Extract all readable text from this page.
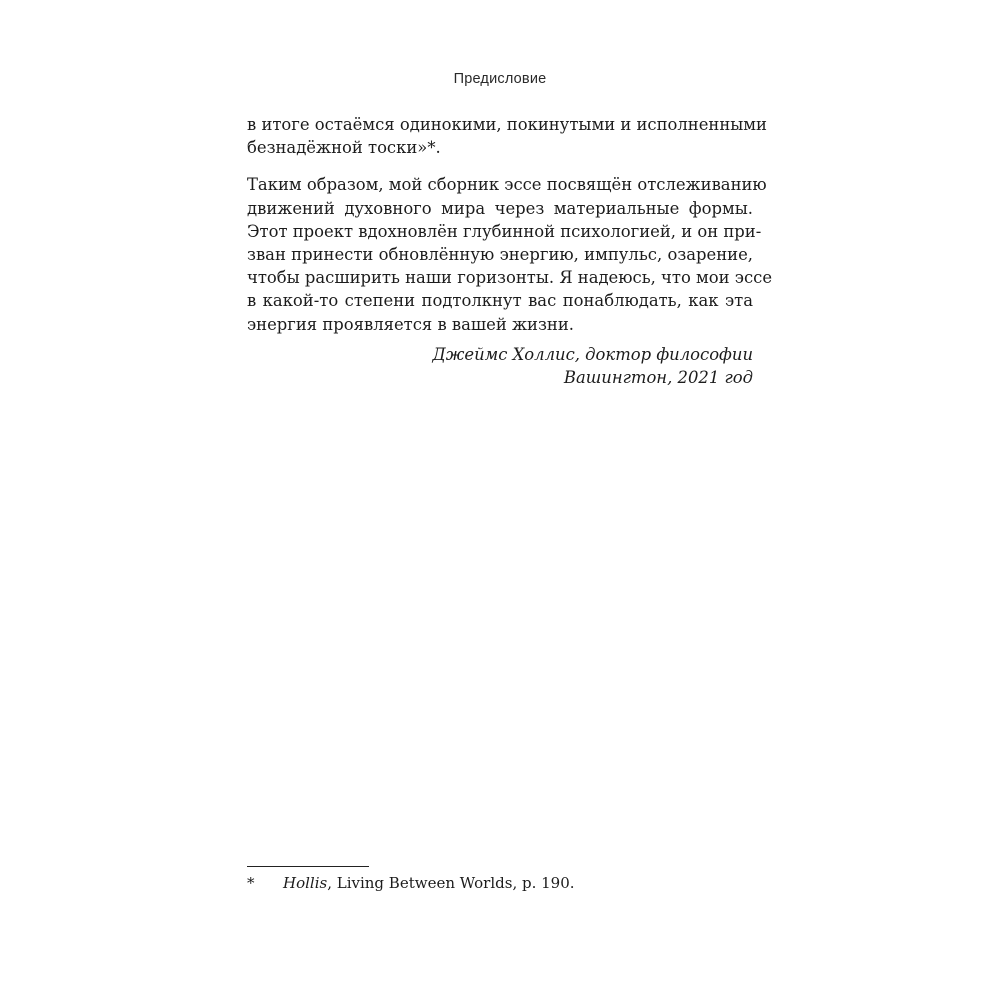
Предисловие
в итоге остаёмся одинокими, покинутыми и исполненными
безнадёжной тоски»*.
Таким образом, мой сборник эссе посвящён отслеживанию
движений духовного мира через материальные формы.
Этот проект вдохновлён глубинной психологией, и он при-
зван принести обновлённую энергию, импульс, озарение,
чтобы расширить наши горизонты. Я надеюсь, что мои эссе
в какой-то степени подтолкнут вас понаблюдать, как эта
энергия проявляется в вашей жизни.
Джеймс Холлис, доктор философии
Вашингтон, 2021 год
* Hollis, Living Between Worlds, p. 190.
